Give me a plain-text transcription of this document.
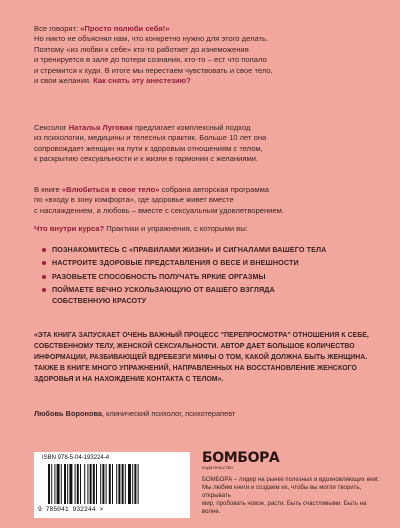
Все говорят: «Просто полюби себя!»
Но никто не объяснял нам, что конкретно нужно для этого делать.
Поэтому «из любви к себе» кто-то работает до изнеможения
и тренируется в зале до потери сознания, кто-то – ест что попало
и стремится к худи. В итоге мы перестаем чувствовать и свое тело,
и свои желания. Как снять эту анестезию?
Сексолог Наталья Луговая предлагает комплексный подход
из психологии, медицины и телесных практик. Больше 10 лет она
сопровождает женщин на пути к здоровым отношениям с телом,
к раскрытию сексуальности и к жизни в гармонии с желаниями.
В книге «Влюбиться в свое тело» собрана авторская программа
по «входу в зону комфорта», где здоровье живет вместе
с наслаждением, а любовь – вместе с сексуальным удовлетворением.
Что внутри курса? Практики и упражнения, с которыми вы:
ПОЗНАКОМИТЕСЬ С «ПРАВИЛАМИ ЖИЗНИ» И СИГНАЛАМИ ВАШЕГО ТЕЛА
НАСТРОИТЕ ЗДОРОВЫЕ ПРЕДСТАВЛЕНИЯ О ВЕСЕ И ВНЕШНОСТИ
РАЗОВЬЕТЕ СПОСОБНОСТЬ ПОЛУЧАТЬ ЯРКИЕ ОРГАЗМЫ
ПОЙМАЕТЕ ВЕЧНО УСКОЛЬЗАЮЩУЮ ОТ ВАШЕГО ВЗГЛЯДА
СОБСТВЕННУЮ КРАСОТУ
«ЭТА КНИГА ЗАПУСКАЕТ ОЧЕНЬ ВАЖНЫЙ ПРОЦЕСС "ПЕРЕПРОСМОТРА" ОТНОШЕНИЯ К СЕБЕ,
СОБСТВЕННОМУ ТЕЛУ, ЖЕНСКОЙ СЕКСУАЛЬНОСТИ. АВТОР ДАЕТ БОЛЬШОЕ КОЛИЧЕСТВО
ИНФОРМАЦИИ, РАЗБИВАЮЩЕЙ ВДРЕБЕЗГИ МИФЫ О ТОМ, КАКОЙ ДОЛЖНА БЫТЬ ЖЕНЩИНА.
ТАКЖЕ В КНИГЕ МНОГО УПРАЖНЕНИЙ, НАПРАВЛЕННЫХ НА ВОССТАНОВЛЕНИЕ ЖЕНСКОГО
ЗДОРОВЬЯ И НА НАХОЖДЕНИЕ КОНТАКТА С ТЕЛОМ».
Любовь Воронова, клинический психолог, психотерапевт
ISBN 978-5-04-193224-4
9 785041 932244 >
БОМБОРА
издательство
БОМБОРА – лидер на рынке полезных и вдохновляющих книг.
Мы любим книги и создаем их, чтобы вы могли творить, открывать
мир, пробовать новое, расти. Быть счастливыми. Быть на волне.
